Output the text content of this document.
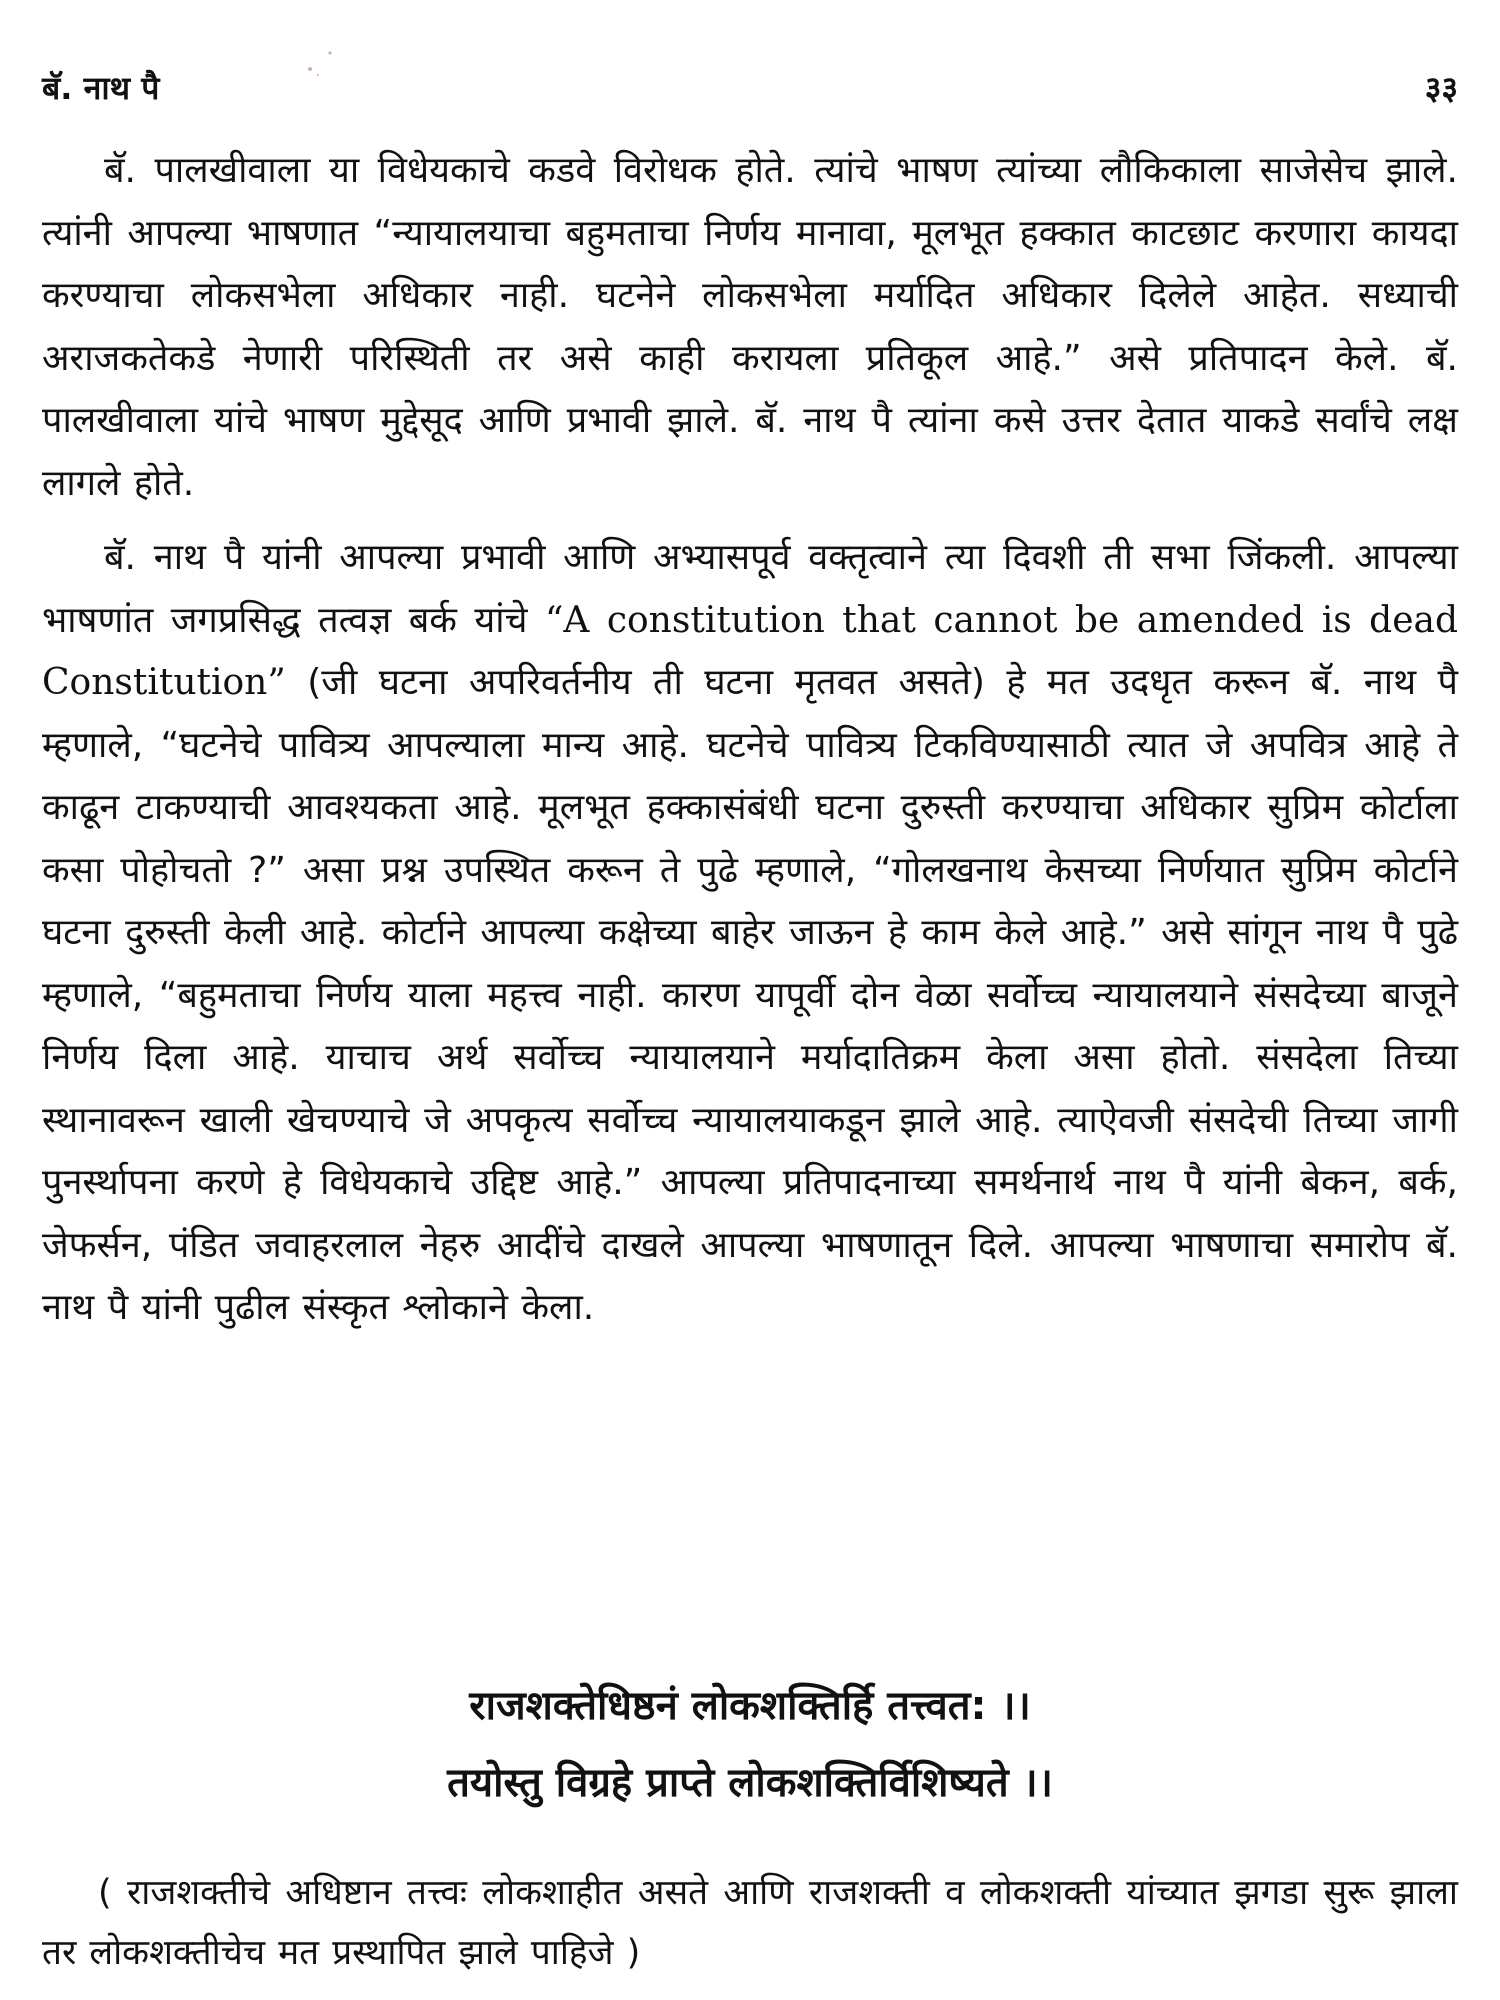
बॅ. नाथ पै	३३

बॅ. पालखीवाला या विधेयकाचे कडवे विरोधक होते. त्यांचे भाषण त्यांच्या लौकिकाला साजेसेच झाले. त्यांनी आपल्या भाषणात “न्यायालयाचा बहुमताचा निर्णय मानावा, मूलभूत हक्कात काटछाट करणारा कायदा करण्याचा लोकसभेला अधिकार नाही. घटनेने लोकसभेला मर्यादित अधिकार दिलेले आहेत. सध्याची अराजकतेकडे नेणारी परिस्थिती तर असे काही करायला प्रतिकूल आहे.” असे प्रतिपादन केले. बॅ. पालखीवाला यांचे भाषण मुद्देसूद आणि प्रभावी झाले. बॅ. नाथ पै त्यांना कसे उत्तर देतात याकडे सर्वांचे लक्ष लागले होते.

बॅ. नाथ पै यांनी आपल्या प्रभावी आणि अभ्यासपूर्व वक्तृत्वाने त्या दिवशी ती सभा जिंकली. आपल्या भाषणांत जगप्रसिद्ध तत्वज्ञ बर्क यांचे “A constitution that cannot be amended is dead Constitution” (जी घटना अपरिवर्तनीय ती घटना मृतवत असते) हे मत उदधृत करून बॅ. नाथ पै म्हणाले, “घटनेचे पावित्र्य आपल्याला मान्य आहे. घटनेचे पावित्र्य टिकविण्यासाठी त्यात जे अपवित्र आहे ते काढून टाकण्याची आवश्यकता आहे. मूलभूत हक्कासंबंधी घटना दुरुस्ती करण्याचा अधिकार सुप्रिम कोर्टाला कसा पोहोचतो ?” असा प्रश्न उपस्थित करून ते पुढे म्हणाले, “गोलखनाथ केसच्या निर्णयात सुप्रिम कोर्टाने घटना दुरुस्ती केली आहे. कोर्टाने आपल्या कक्षेच्या बाहेर जाऊन हे काम केले आहे.” असे सांगून नाथ पै पुढे म्हणाले, “बहुमताचा निर्णय याला महत्त्व नाही. कारण यापूर्वी दोन वेळा सर्वोच्च न्यायालयाने संसदेच्या बाजूने निर्णय दिला आहे. याचाच अर्थ सर्वोच्च न्यायालयाने मर्यादातिक्रम केला असा होतो. संसदेला तिच्या स्थानावरून खाली खेचण्याचे जे अपकृत्य सर्वोच्च न्यायालयाकडून झाले आहे. त्याऐवजी संसदेची तिच्या जागी पुनर्स्थापना करणे हे विधेयकाचे उद्दिष्ट आहे.” आपल्या प्रतिपादनाच्या समर्थनार्थ नाथ पै यांनी बेकन, बर्क, जेफर्सन, पंडित जवाहरलाल नेहरु आदींचे दाखले आपल्या भाषणातून दिले. आपल्या भाषणाचा समारोप बॅ. नाथ पै यांनी पुढील संस्कृत श्लोकाने केला.

राजशक्तेधिष्ठनं लोकशक्तिर्हि तत्त्वत: ।।
तयोस्तु विग्रहे प्राप्ते लोकशक्तिर्विशिष्यते ।।

( राजशक्तीचे अधिष्टान तत्त्वः लोकशाहीत असते आणि राजशक्ती व लोकशक्ती यांच्यात झगडा सुरू झाला तर लोकशक्तीचेच मत प्रस्थापित झाले पाहिजे )
